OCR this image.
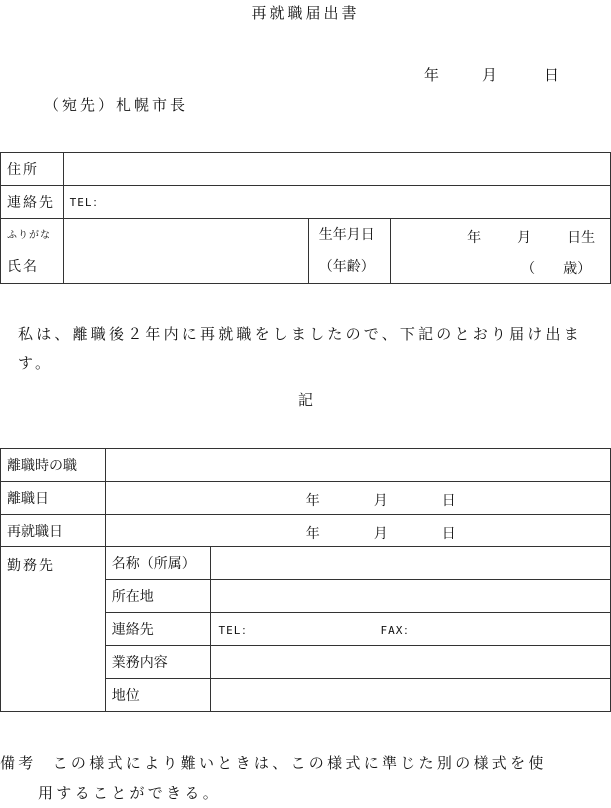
再就職届出書
年	月	日
（宛先）札幌市長
住所			
連絡先	TEL：		
ふりがな		生年月日	年 月 日生

氏名		（年齢）	（ 歳）
私は、離職後２年内に再就職をしましたので、下記のとおり届け出ます。
記
離職時の職		
離職日	年 月 日	

再就職日	年 月 日	

勤務先	名称（所属）	
	所在地	
	連絡先	TEL： FAX：

	業務内容	
	地位	
備考 この様式により難いときは、この様式に準じた別の様式を使
用することができる。
